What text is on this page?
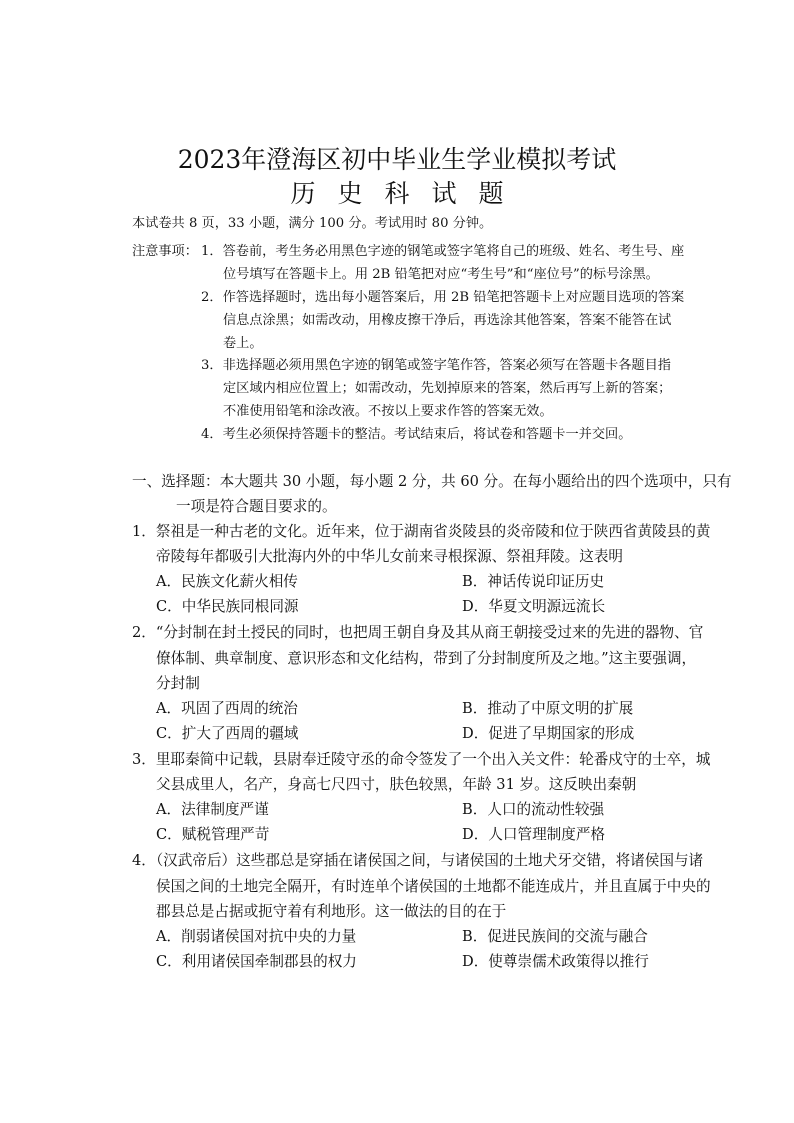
2023年澄海区初中毕业生学业模拟考试
历史科试题
本试卷共 8 页，33 小题，满分 100 分。考试用时 80 分钟。
注意事项： 1．答卷前，考生务必用黑色字迹的钢笔或签字笔将自己的班级、姓名、考生号、座
位号填写在答题卡上。用 2B 铅笔把对应“考生号”和“座位号”的标号涂黑。
2．作答选择题时，选出每小题答案后，用 2B 铅笔把答题卡上对应题目选项的答案
信息点涂黑；如需改动，用橡皮擦干净后，再选涂其他答案，答案不能答在试
卷上。
3．非选择题必须用黑色字迹的钢笔或签字笔作答，答案必须写在答题卡各题目指
定区域内相应位置上；如需改动，先划掉原来的答案，然后再写上新的答案；
不准使用铅笔和涂改液。不按以上要求作答的答案无效。
4．考生必须保持答题卡的整洁。考试结束后，将试卷和答题卡一并交回。
一、选择题：本大题共 30 小题，每小题 2 分，共 60 分。在每小题给出的四个选项中，只有
一项是符合题目要求的。
1．祭祖是一种古老的文化。近年来，位于湖南省炎陵县的炎帝陵和位于陕西省黄陵县的黄
帝陵每年都吸引大批海内外的中华儿女前来寻根探源、祭祖拜陵。这表明
A．民族文化薪火相传	B．神话传说印证历史
C．中华民族同根同源	D．华夏文明源远流长
2．“分封制在封土授民的同时，也把周王朝自身及其从商王朝接受过来的先进的器物、官
僚体制、典章制度、意识形态和文化结构，带到了分封制度所及之地。”这主要强调，
分封制
A．巩固了西周的统治	B．推动了中原文明的扩展
C．扩大了西周的疆域	D．促进了早期国家的形成
3．里耶秦简中记载，县尉奉迁陵守丞的命令签发了一个出入关文件：轮番戍守的士卒，城
父县成里人，名产，身高七尺四寸，肤色较黑，年龄 31 岁。这反映出秦朝
A．法律制度严谨	B．人口的流动性较强
C．赋税管理严苛	D．人口管理制度严格
4．（汉武帝后）这些郡总是穿插在诸侯国之间，与诸侯国的土地犬牙交错，将诸侯国与诸
侯国之间的土地完全隔开，有时连单个诸侯国的土地都不能连成片，并且直属于中央的
郡县总是占据或扼守着有利地形。这一做法的目的在于
A．削弱诸侯国对抗中央的力量	B．促进民族间的交流与融合
C．利用诸侯国牵制郡县的权力	D．使尊崇儒术政策得以推行
